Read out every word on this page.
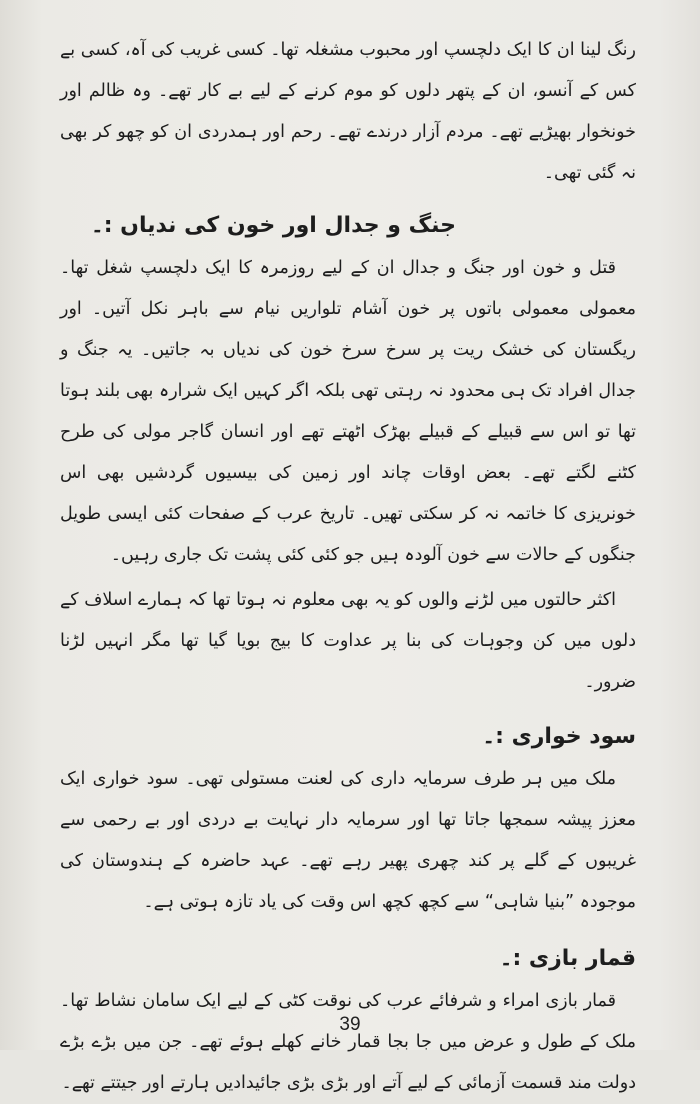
رنگ لینا ان کا ایک دلچسپ اور محبوب مشغلہ تھا۔ کسی غریب کی آہ، کسی بے کس کے آنسو، ان کے پتھر دلوں کو موم کرنے کے لیے بے کار تھے۔ وہ ظالم اور خونخوار بھیڑیے تھے۔ مردم آزار درندے تھے۔ رحم اور ہمدردی ان کو چھو کر بھی نہ گئی تھی۔

جنگ و جدال اور خون کی ندیاں :۔

قتل و خون اور جنگ و جدال ان کے لیے روزمرہ کا ایک دلچسپ شغل تھا۔ معمولی معمولی باتوں پر خون آشام تلواریں نیام سے باہر نکل آتیں۔ اور ریگستان کی خشک ریت پر سرخ سرخ خون کی ندیاں بہ جاتیں۔ یہ جنگ و جدال افراد تک ہی محدود نہ رہتی تھی بلکہ اگر کہیں ایک شرارہ بھی بلند ہوتا تھا تو اس سے قبیلے کے قبیلے بھڑک اٹھتے تھے اور انسان گاجر مولی کی طرح کٹنے لگتے تھے۔ بعض اوقات چاند اور زمین کی بیسیوں گردشیں بھی اس خونریزی کا خاتمہ نہ کر سکتی تھیں۔ تاریخ عرب کے صفحات کئی ایسی طویل جنگوں کے حالات سے خون آلودہ ہیں جو کئی کئی پشت تک جاری رہیں۔

اکثر حالتوں میں لڑنے والوں کو یہ بھی معلوم نہ ہوتا تھا کہ ہمارے اسلاف کے دلوں میں کن وجوہات کی بنا پر عداوت کا بیج بویا گیا تھا مگر انہیں لڑنا ضرور۔

سود خواری :۔

ملک میں ہر طرف سرمایہ داری کی لعنت مستولی تھی۔ سود خواری ایک معزز پیشہ سمجھا جاتا تھا اور سرمایہ دار نہایت بے دردی اور بے رحمی سے غریبوں کے گلے پر کند چھری پھیر رہے تھے۔ عہد حاضرہ کے ہندوستان کی موجودہ ”بنیا شاہی“ سے کچھ کچھ اس وقت کی یاد تازہ ہوتی ہے۔

قمار بازی :۔

قمار بازی امراء و شرفائے عرب کی نوقت کٹی کے لیے ایک سامان نشاط تھا۔ ملک کے طول و عرض میں جا بجا قمار خانے کھلے ہوئے تھے۔ جن میں بڑے بڑے دولت مند قسمت آزمائی کے لیے آتے اور بڑی بڑی جائیدادیں ہارتے اور جیتتے تھے۔

39
